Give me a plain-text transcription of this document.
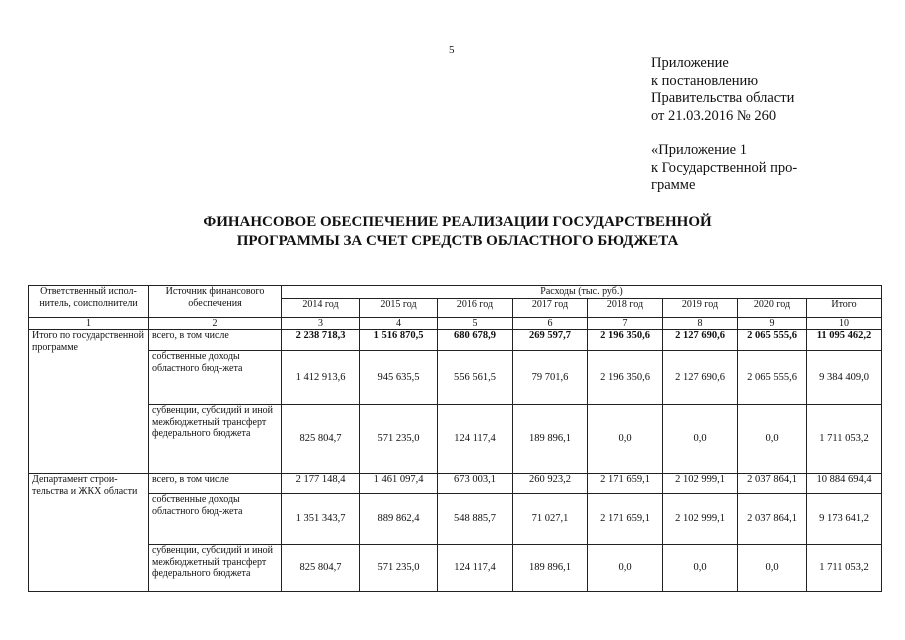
5
Приложение
к постановлению
Правительства области
от 21.03.2016 № 260
«Приложение 1
к Государственной про-
грамме
ФИНАНСОВОЕ ОБЕСПЕЧЕНИЕ РЕАЛИЗАЦИИ ГОСУДАРСТВЕННОЙ
ПРОГРАММЫ ЗА СЧЕТ СРЕДСТВ ОБЛАСТНОГО БЮДЖЕТА
Ответственный испол-нитель, соисполнители	Источник финансового обеспечения	Расходы (тыс. руб.)							
		2014 год	2015 год	2016 год	2017 год	2018 год	2019 год	2020 год	Итого
1	2	3	4	5	6	7	8	9	10
Итого по государственной программе	всего, в том числе	2 238 718,3	1 516 870,5	680 678,9	269 597,7	2 196 350,6	2 127 690,6	2 065 555,6	11 095 462,2
	собственные доходы областного бюд-жета	1 412 913,6	945 635,5	556 561,5	79 701,6	2 196 350,6	2 127 690,6	2 065 555,6	9 384 409,0
	субвенции, субсидий и иной межбюджетный трансферт федерального бюджета	825 804,7	571 235,0	124 117,4	189 896,1	0,0	0,0	0,0	1 711 053,2
Департамент строи-тельства и ЖКХ области	всего, в том числе	2 177 148,4	1 461 097,4	673 003,1	260 923,2	2 171 659,1	2 102 999,1	2 037 864,1	10 884 694,4
	собственные доходы областного бюд-жета	1 351 343,7	889 862,4	548 885,7	71 027,1	2 171 659,1	2 102 999,1	2 037 864,1	9 173 641,2
	субвенции, субсидий и иной межбюджетный трансферт федерального бюджета	825 804,7	571 235,0	124 117,4	189 896,1	0,0	0,0	0,0	1 711 053,2
